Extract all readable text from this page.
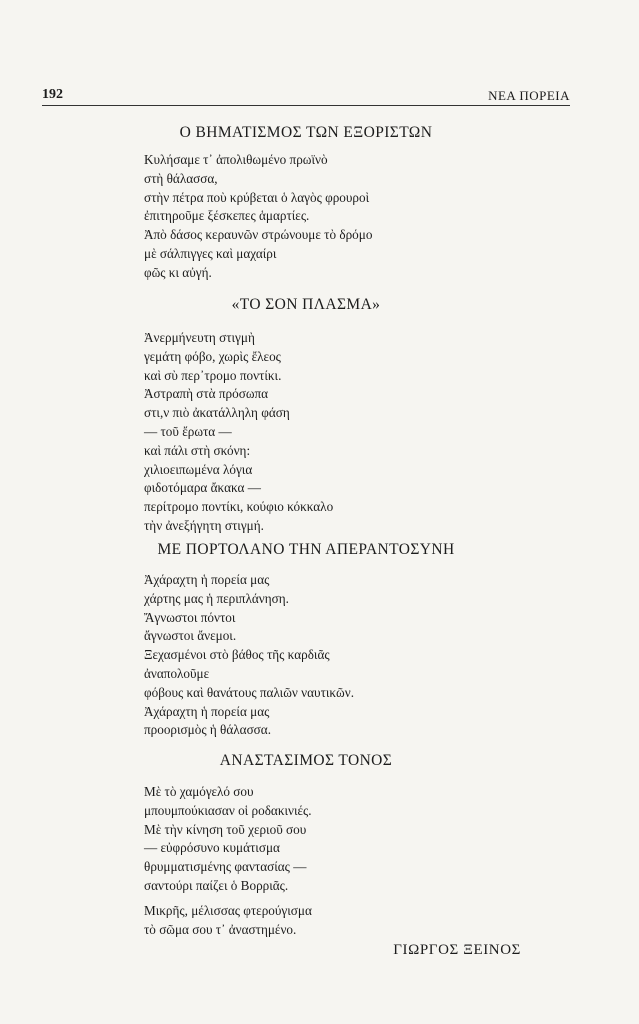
192	ΝΕΑ ΠΟΡΕΙΑ
Ο ΒΗΜΑΤΙΣΜΟΣ ΤΩΝ ΕΞΟΡΙΣΤΩΝ
Κυλήσαμε τ᾿ ἀπολιθωμένο πρωϊνὸ
στὴ θάλασσα,
στὴν πέτρα ποὺ κρύβεται ὁ λαγὸς φρουροὶ
ἐπιτηροῦμε ξέσκεπες ἁμαρτίες.
Ἀπὸ δάσος κεραυνῶν στρώνουμε τὸ δρόμο
μὲ σάλπιγγες καὶ μαχαίρι
φῶς κι αὐγή.
«ΤΟ ΣΟΝ ΠΛΑΣΜΑ»
Ἀνερμήνευτη στιγμὴ
γεμάτη φόβο, χωρὶς ἔλεος
καὶ σὺ περ᾿τρομο ποντίκι.
Ἀστραπὴ στὰ πρόσωπα
στι,ν πιὸ ἀκατάλληλη φάση
— τοῦ ἔρωτα —
καὶ πάλι στὴ σκόνη:
χιλιοειπωμένα λόγια
φιδοτόμαρα ἄκακα —
περίτρομο ποντίκι, κούφιο κόκκαλο
τὴν ἀνεξήγητη στιγμή.
ΜΕ ΠΟΡΤΟΛΑΝΟ ΤΗΝ ΑΠΕΡΑΝΤΟΣΥΝΗ
Ἀχάραχτη ἡ πορεία μας
χάρτης μας ἡ περιπλάνηση.
Ἄγνωστοι πόντοι
ἄγνωστοι ἄνεμοι.
Ξεχασμένοι στὸ βάθος τῆς καρδιᾶς
ἀναπολοῦμε
φόβους καὶ θανάτους παλιῶν ναυτικῶν.
Ἀχάραχτη ἡ πορεία μας
προορισμὸς ἡ θάλασσα.
ΑΝΑΣΤΑΣΙΜΟΣ ΤΟΝΟΣ
Μὲ τὸ χαμόγελό σου
μπουμπούκιασαν οἱ ροδακινιές.
Μὲ τὴν κίνηση τοῦ χεριοῦ σου
— εὐφρόσυνο κυμάτισμα
θρυμματισμένης φαντασίας —
σαντούρι παίζει ὁ Βορριᾶς.
Μικρῆς, μέλισσας φτερούγισμα
τὸ σῶμα σου τ᾿ ἀναστημένο.
ΓΙΩΡΓΟΣ ΞΕΙΝΟΣ
